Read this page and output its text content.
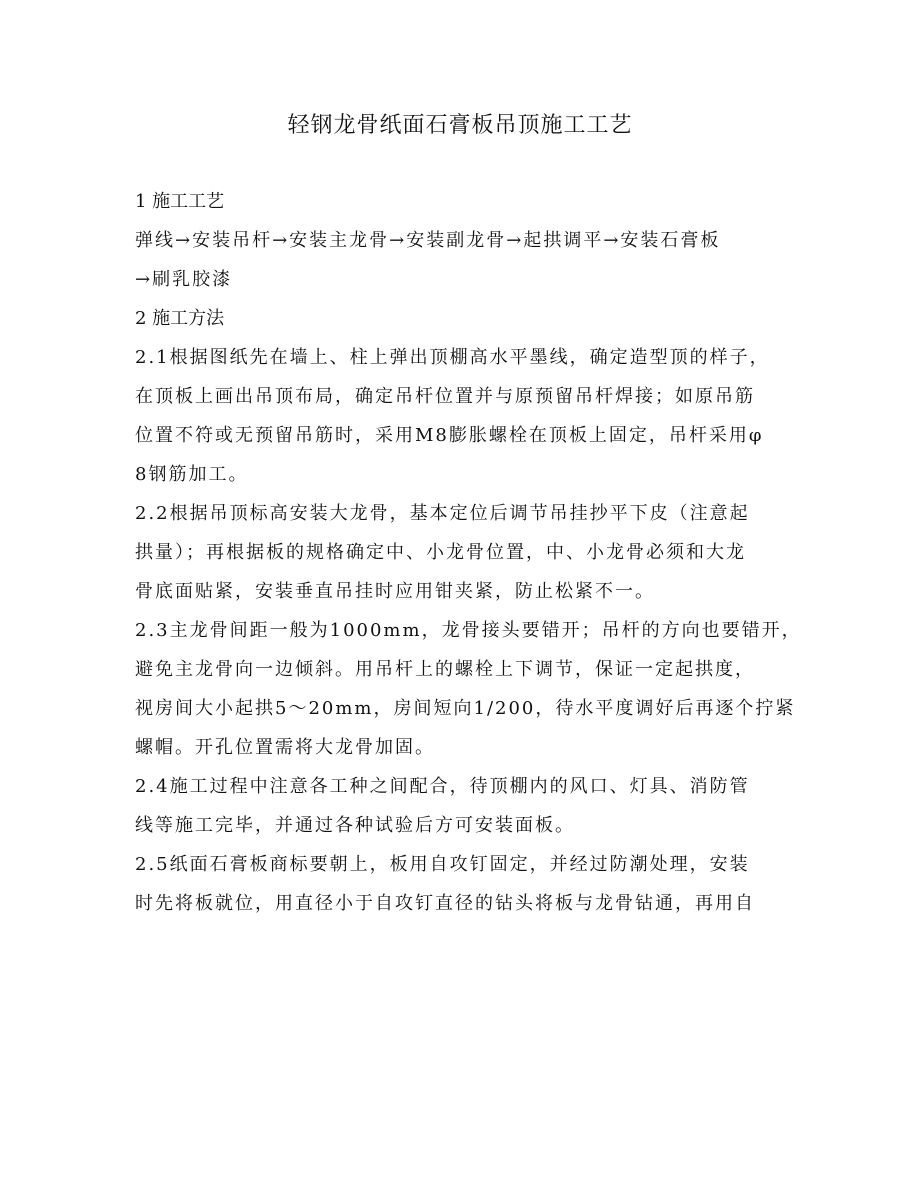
轻钢龙骨纸面石膏板吊顶施工工艺
1 施工工艺
弹线→安装吊杆→安装主龙骨→安装副龙骨→起拱调平→安装石膏板
→刷乳胶漆
2 施工方法
2.1根据图纸先在墙上、柱上弹出顶棚高水平墨线，确定造型顶的样子，
在顶板上画出吊顶布局，确定吊杆位置并与原预留吊杆焊接；如原吊筋
位置不符或无预留吊筋时，采用M8膨胀螺栓在顶板上固定，吊杆采用φ
8钢筋加工。
2.2根据吊顶标高安装大龙骨，基本定位后调节吊挂抄平下皮（注意起
拱量）；再根据板的规格确定中、小龙骨位置，中、小龙骨必须和大龙
骨底面贴紧，安装垂直吊挂时应用钳夹紧，防止松紧不一。
2.3主龙骨间距一般为1000mm，龙骨接头要错开；吊杆的方向也要错开，
避免主龙骨向一边倾斜。用吊杆上的螺栓上下调节，保证一定起拱度，
视房间大小起拱5～20mm，房间短向1/200，待水平度调好后再逐个拧紧
螺帽。开孔位置需将大龙骨加固。
2.4施工过程中注意各工种之间配合，待顶棚内的风口、灯具、消防管
线等施工完毕，并通过各种试验后方可安装面板。
2.5纸面石膏板商标要朝上，板用自攻钉固定，并经过防潮处理，安装
时先将板就位，用直径小于自攻钉直径的钻头将板与龙骨钻通，再用自
